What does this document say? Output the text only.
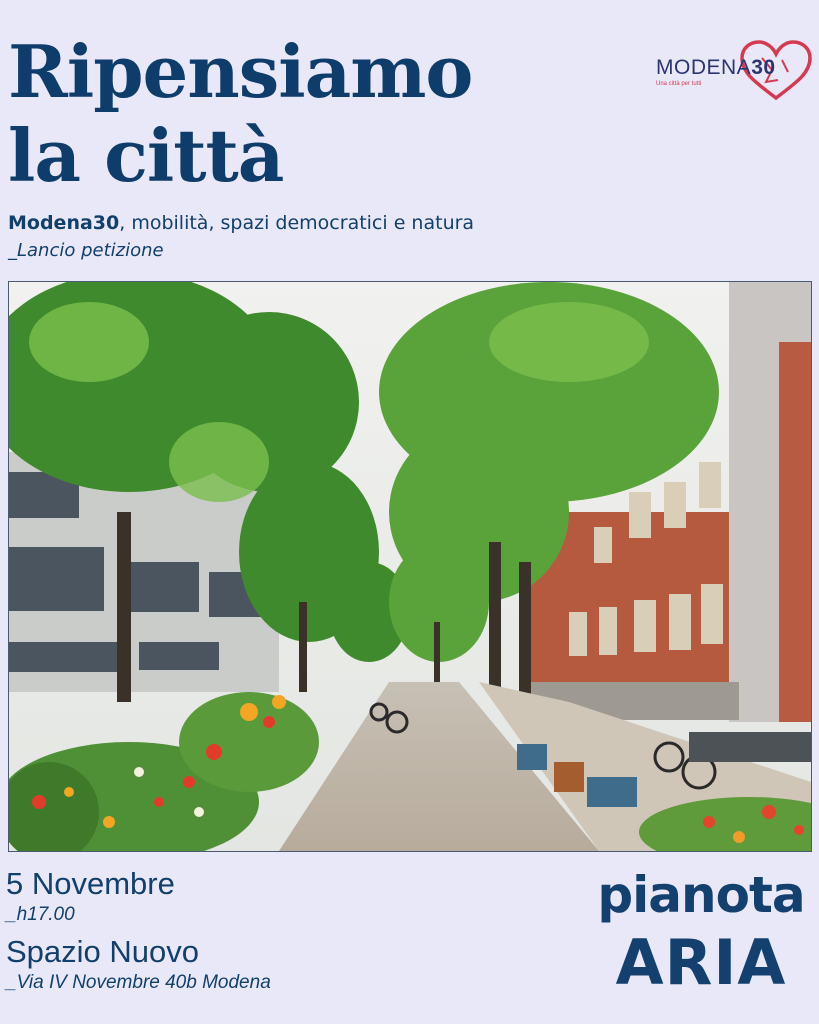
Ripensiamo
la città
Modena30, mobilità, spazi democratici e natura
_Lancio petizione
MODENA30
Una città per tutti
5 Novembre
_h17.00
Spazio Nuovo
_Via IV Novembre 40b Modena
pianota
ARIA
